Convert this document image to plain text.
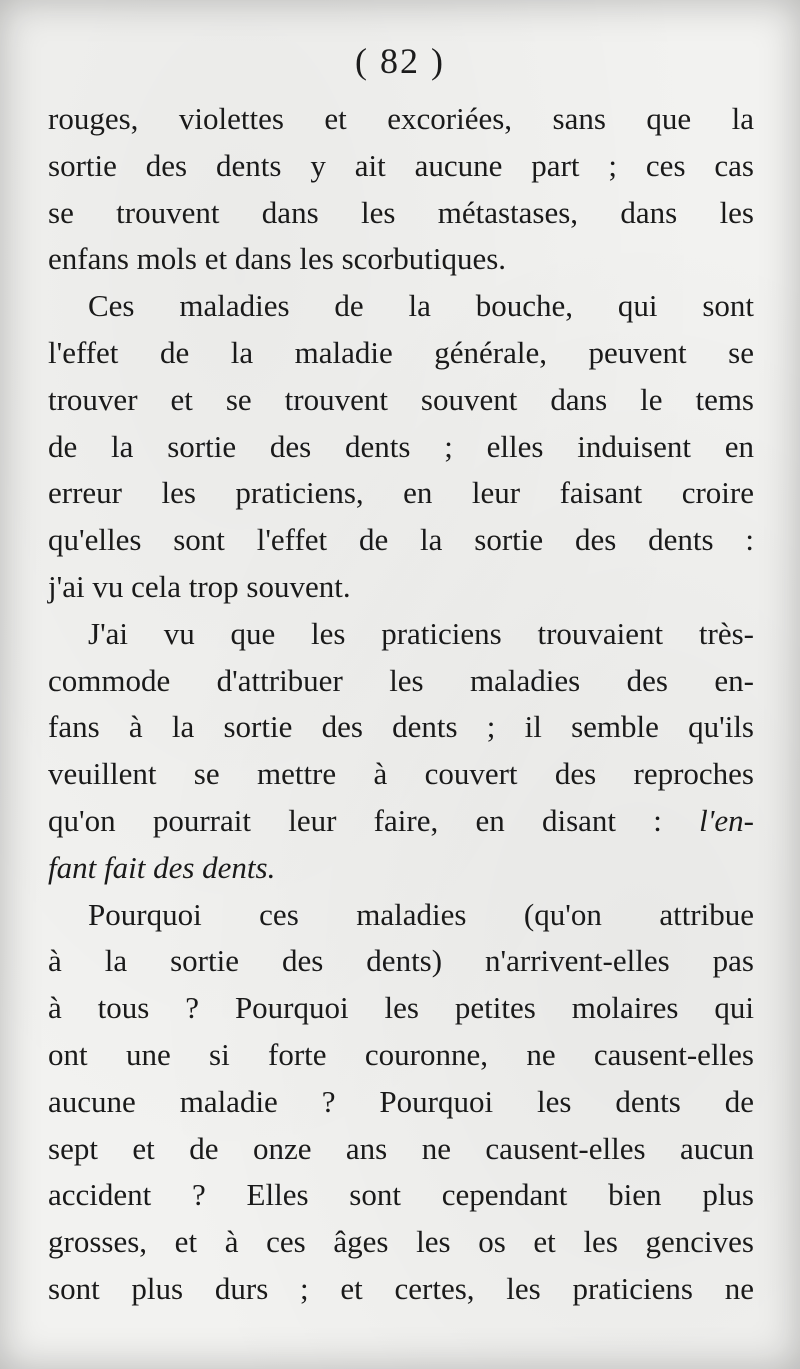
( 82 )
rouges, violettes et excoriées, sans que la
sortie des dents y ait aucune part ; ces cas
se trouvent dans les métastases, dans les
enfans mols et dans les scorbutiques.
Ces maladies de la bouche, qui sont
l'effet de la maladie générale, peuvent se
trouver et se trouvent souvent dans le tems
de la sortie des dents ; elles induisent en
erreur les praticiens, en leur faisant croire
qu'elles sont l'effet de la sortie des dents :
j'ai vu cela trop souvent.
J'ai vu que les praticiens trouvaient très-
commode d'attribuer les maladies des en-
fans à la sortie des dents ; il semble qu'ils
veuillent se mettre à couvert des reproches
qu'on pourrait leur faire, en disant : l'en-
fant fait des dents.
Pourquoi ces maladies (qu'on attribue
à la sortie des dents) n'arrivent-elles pas
à tous ? Pourquoi les petites molaires qui
ont une si forte couronne, ne causent-elles
aucune maladie ? Pourquoi les dents de
sept et de onze ans ne causent-elles aucun
accident ? Elles sont cependant bien plus
grosses, et à ces âges les os et les gencives
sont plus durs ; et certes, les praticiens ne
